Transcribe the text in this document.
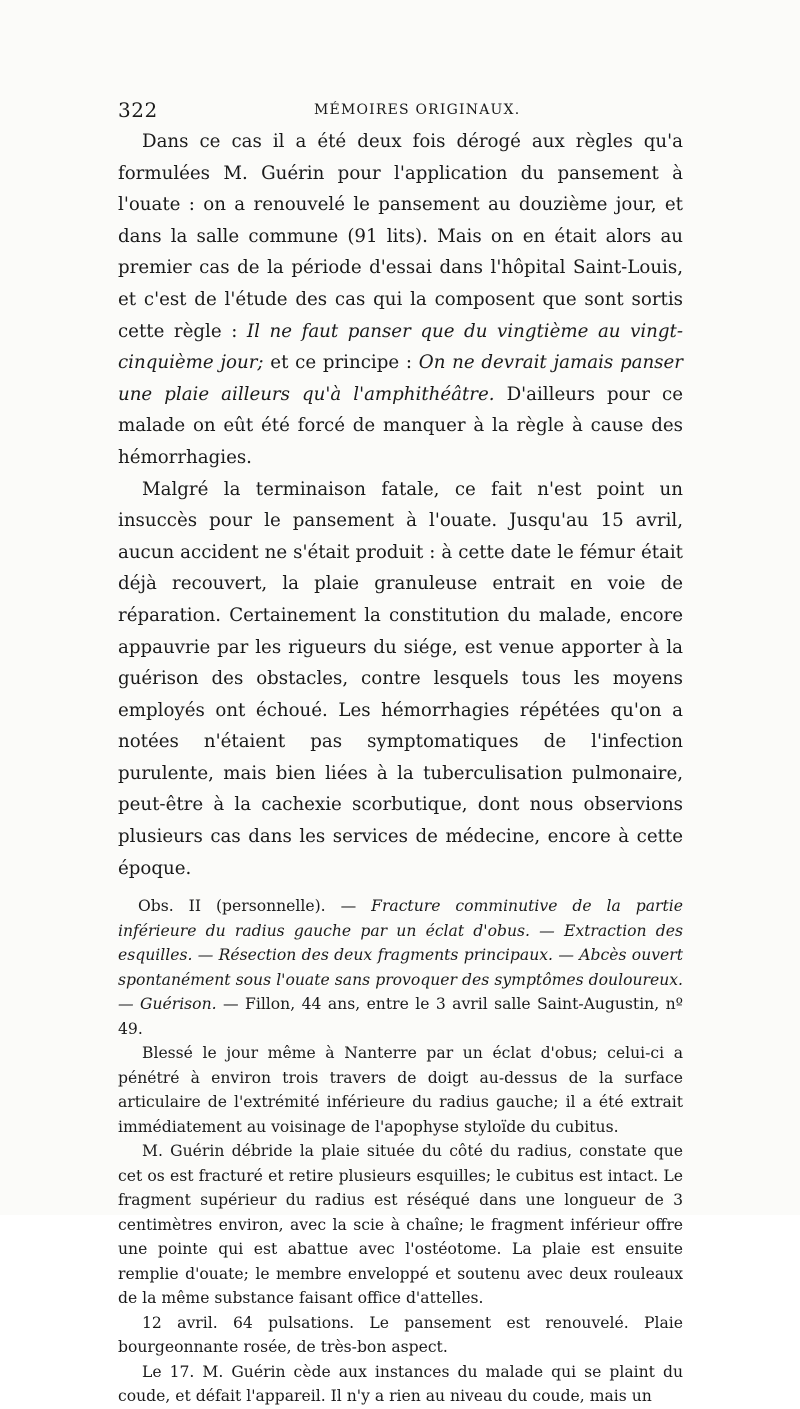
322	MÉMOIRES ORIGINAUX.

Dans ce cas il a été deux fois dérogé aux règles qu'a formulées M. Guérin pour l'application du pansement à l'ouate : on a renouvelé le pansement au douzième jour, et dans la salle commune (91 lits). Mais on en était alors au premier cas de la période d'essai dans l'hôpital Saint-Louis, et c'est de l'étude des cas qui la composent que sont sortis cette règle : Il ne faut panser que du vingtième au vingt-cinquième jour; et ce principe : On ne devrait jamais panser une plaie ailleurs qu'à l'amphithéâtre. D'ailleurs pour ce malade on eût été forcé de manquer à la règle à cause des hémorrhagies.

Malgré la terminaison fatale, ce fait n'est point un insuccès pour le pansement à l'ouate. Jusqu'au 15 avril, aucun accident ne s'était produit : à cette date le fémur était déjà recouvert, la plaie granuleuse entrait en voie de réparation. Certainement la constitution du malade, encore appauvrie par les rigueurs du siége, est venue apporter à la guérison des obstacles, contre lesquels tous les moyens employés ont échoué. Les hémorrhagies répétées qu'on a notées n'étaient pas symptomatiques de l'infection purulente, mais bien liées à la tuberculisation pulmonaire, peut-être à la cachexie scorbutique, dont nous observions plusieurs cas dans les services de médecine, encore à cette époque.

Obs. II (personnelle). — Fracture comminutive de la partie inférieure du radius gauche par un éclat d'obus. — Extraction des esquilles. — Résection des deux fragments principaux. — Abcès ouvert spontanément sous l'ouate sans provoquer des symptômes douloureux. — Guérison. — Fillon, 44 ans, entre le 3 avril salle Saint-Augustin, nº 49.

Blessé le jour même à Nanterre par un éclat d'obus; celui-ci a pénétré à environ trois travers de doigt au-dessus de la surface articulaire de l'extrémité inférieure du radius gauche; il a été extrait immédiatement au voisinage de l'apophyse styloïde du cubitus.

M. Guérin débride la plaie située du côté du radius, constate que cet os est fracturé et retire plusieurs esquilles; le cubitus est intact. Le fragment supérieur du radius est réséqué dans une longueur de 3 centimètres environ, avec la scie à chaîne; le fragment inférieur offre une pointe qui est abattue avec l'ostéotome. La plaie est ensuite remplie d'ouate; le membre enveloppé et soutenu avec deux rouleaux de la même substance faisant office d'attelles.

12 avril. 64 pulsations. Le pansement est renouvelé. Plaie bourgeonnante rosée, de très-bon aspect.

Le 17. M. Guérin cède aux instances du malade qui se plaint du coude, et défait l'appareil. Il n'y a rien au niveau du coude, mais un
